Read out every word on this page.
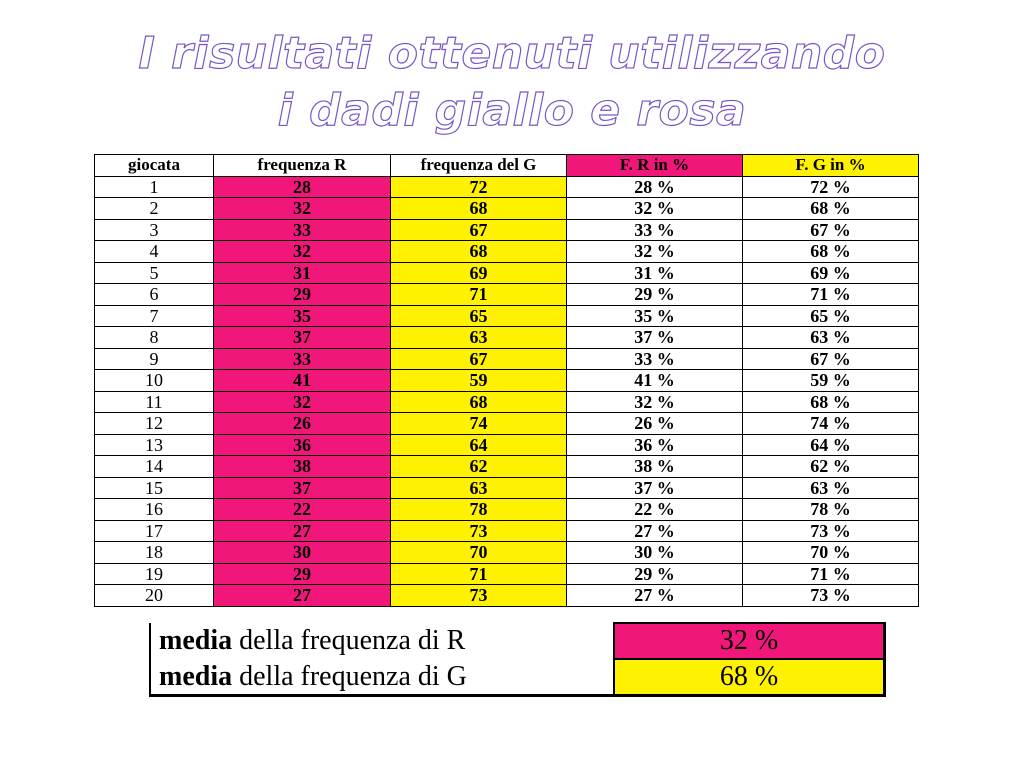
I risultati ottenuti utilizzando
i dadi giallo e rosa
giocata	frequenza R	frequenza del G	F. R in %	F. G in %
1	28	72	28 %	72 %
2	32	68	32 %	68 %
3	33	67	33 %	67 %
4	32	68	32 %	68 %
5	31	69	31 %	69 %
6	29	71	29 %	71 %
7	35	65	35 %	65 %
8	37	63	37 %	63 %
9	33	67	33 %	67 %
10	41	59	41 %	59 %
11	32	68	32 %	68 %
12	26	74	26 %	74 %
13	36	64	36 %	64 %
14	38	62	38 %	62 %
15	37	63	37 %	63 %
16	22	78	22 %	78 %
17	27	73	27 %	73 %
18	30	70	30 %	70 %
19	29	71	29 %	71 %
20	27	73	27 %	73 %
media della frequenza di R	32 %
media della frequenza di G	68 %
